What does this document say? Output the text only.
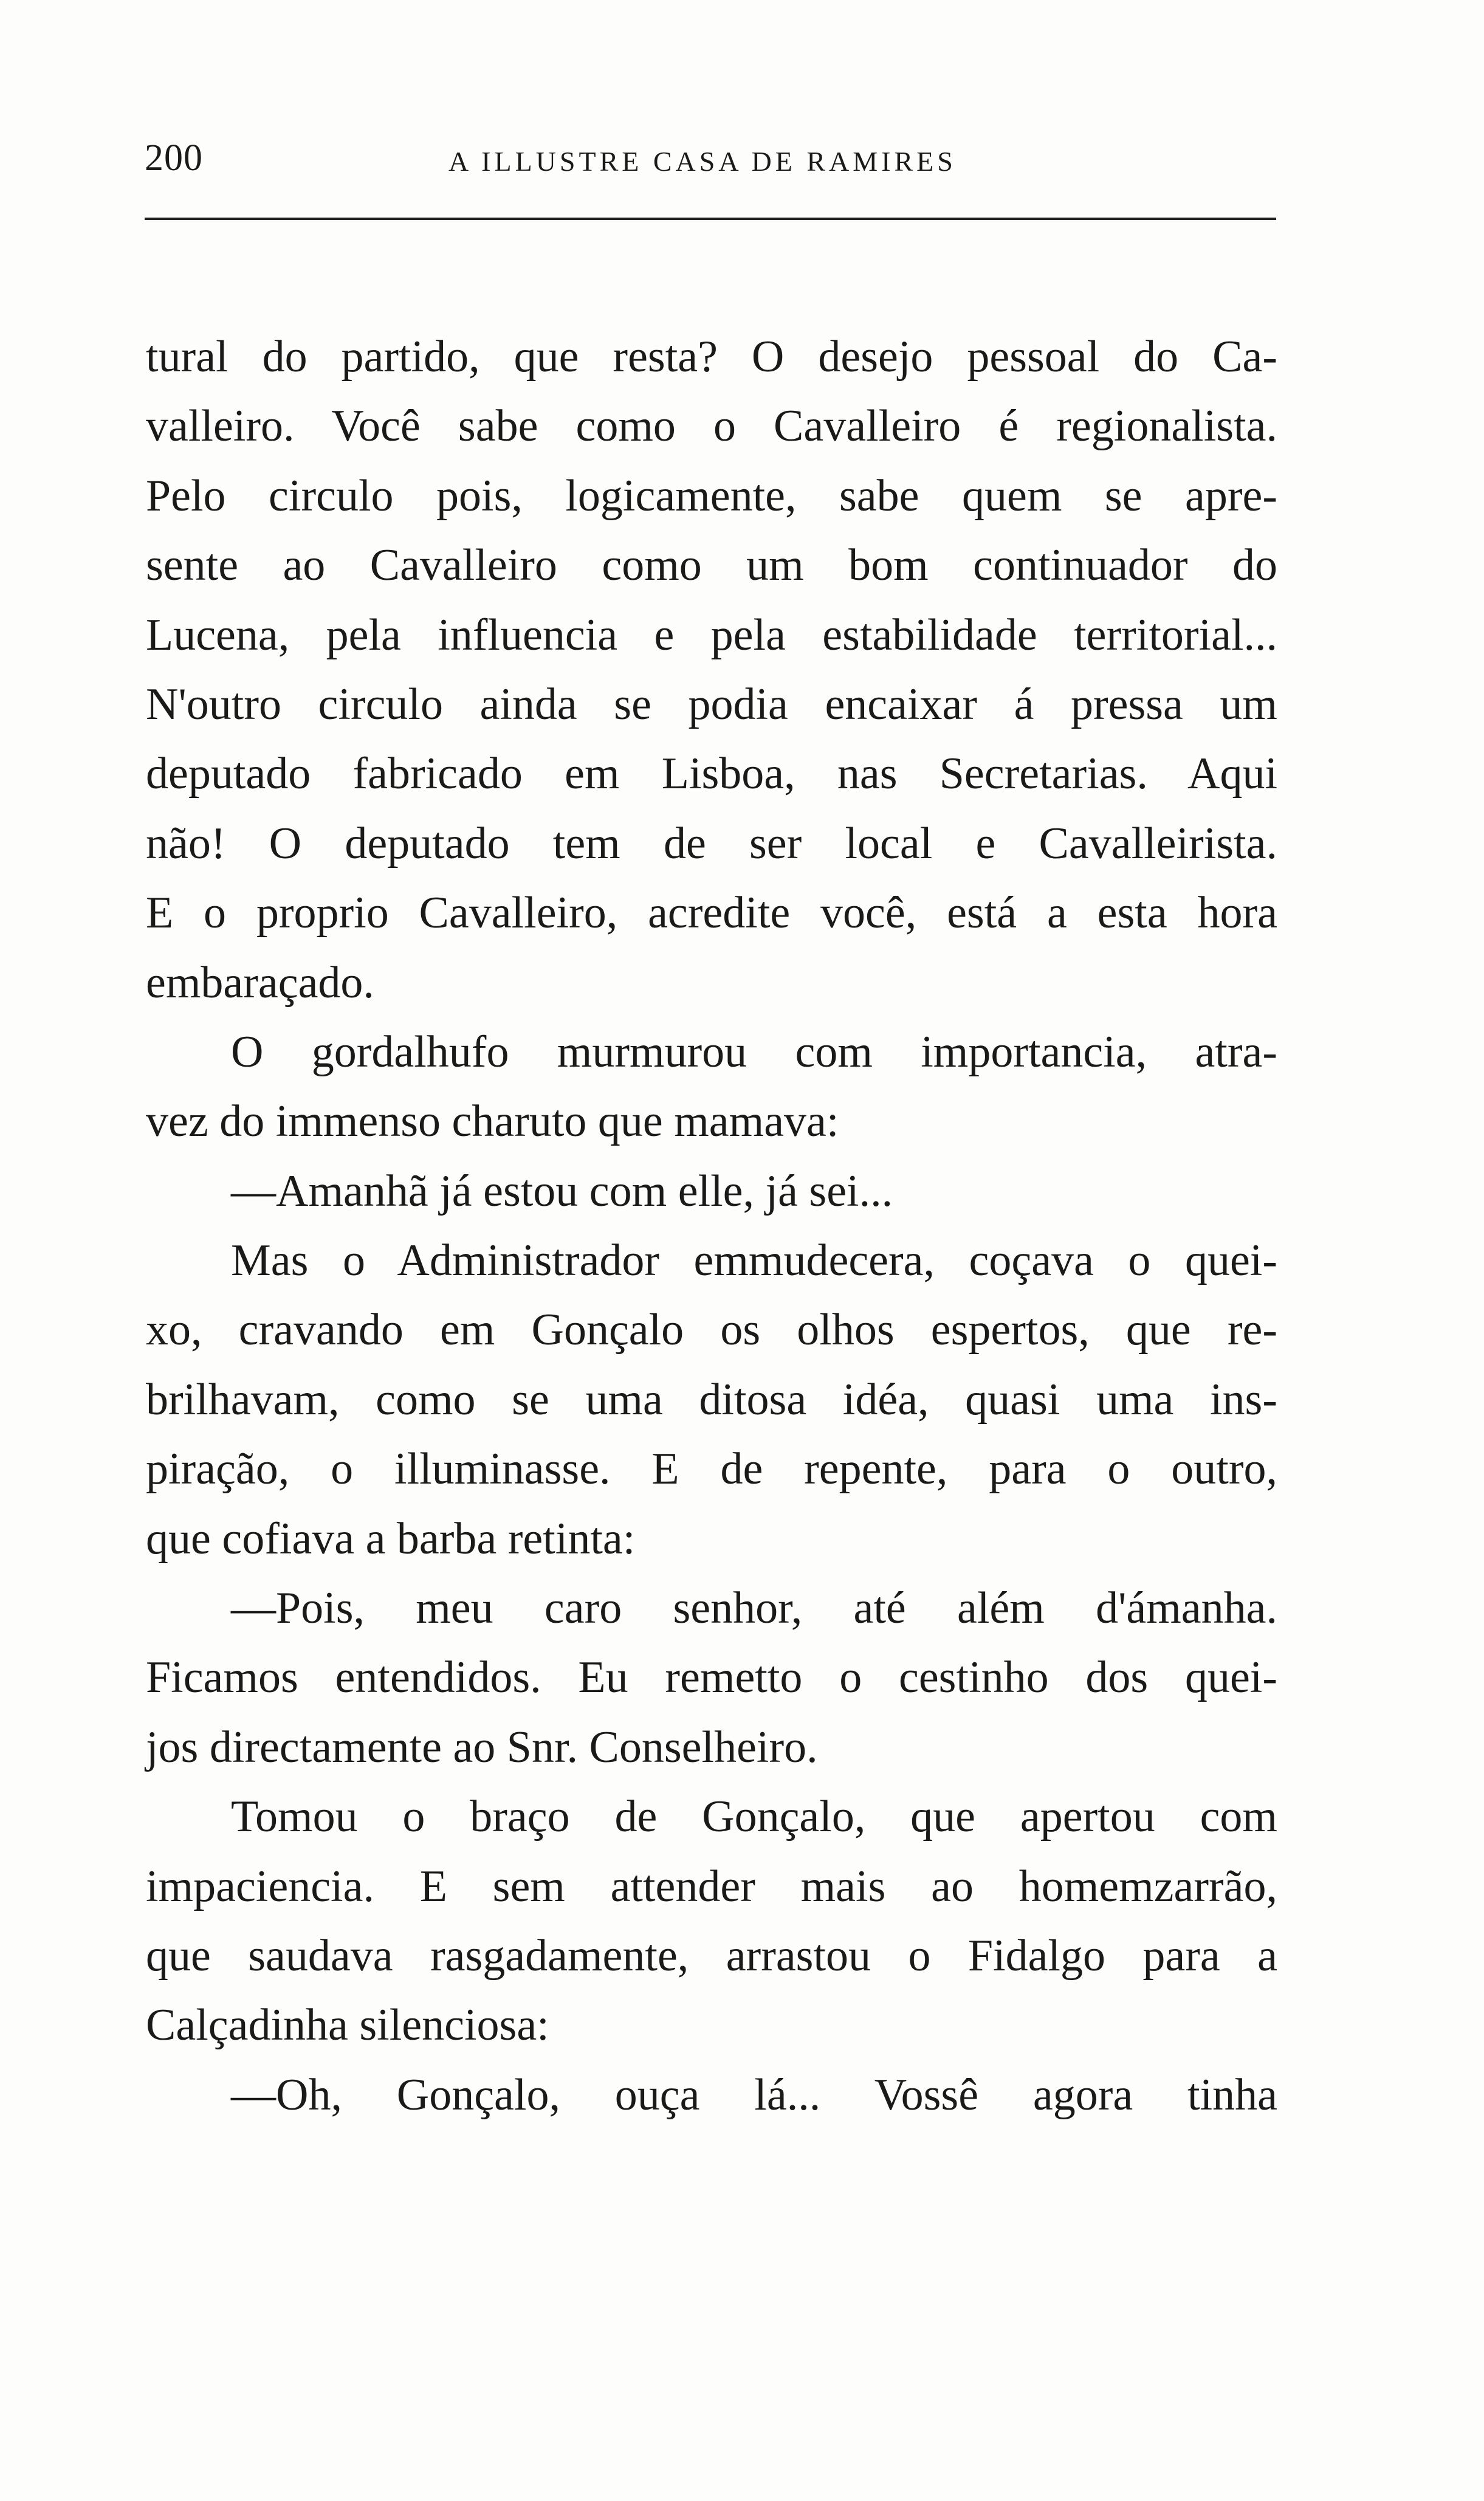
200	A ILLUSTRE CASA DE RAMIRES
tural do partido, que resta? O desejo pessoal do Ca-
valleiro. Você sabe como o Cavalleiro é regionalista.
Pelo circulo pois, logicamente, sabe quem se apre-
sente ao Cavalleiro como um bom continuador do
Lucena, pela influencia e pela estabilidade territorial...
N'outro circulo ainda se podia encaixar á pressa um
deputado fabricado em Lisboa, nas Secretarias. Aqui
não! O deputado tem de ser local e Cavalleirista.
E o proprio Cavalleiro, acredite você, está a esta hora
embaraçado.
O gordalhufo murmurou com importancia, atra-
vez do immenso charuto que mamava:
—Amanhã já estou com elle, já sei...
Mas o Administrador emmudecera, coçava o quei-
xo, cravando em Gonçalo os olhos espertos, que re-
brilhavam, como se uma ditosa idéa, quasi uma ins-
piração, o illuminasse. E de repente, para o outro,
que cofiava a barba retinta:
—Pois, meu caro senhor, até além d'ámanha.
Ficamos entendidos. Eu remetto o cestinho dos quei-
jos directamente ao Snr. Conselheiro.
Tomou o braço de Gonçalo, que apertou com
impaciencia. E sem attender mais ao homemzarrão,
que saudava rasgadamente, arrastou o Fidalgo para a
Calçadinha silenciosa:
—Oh, Gonçalo, ouça lá... Vossê agora tinha
